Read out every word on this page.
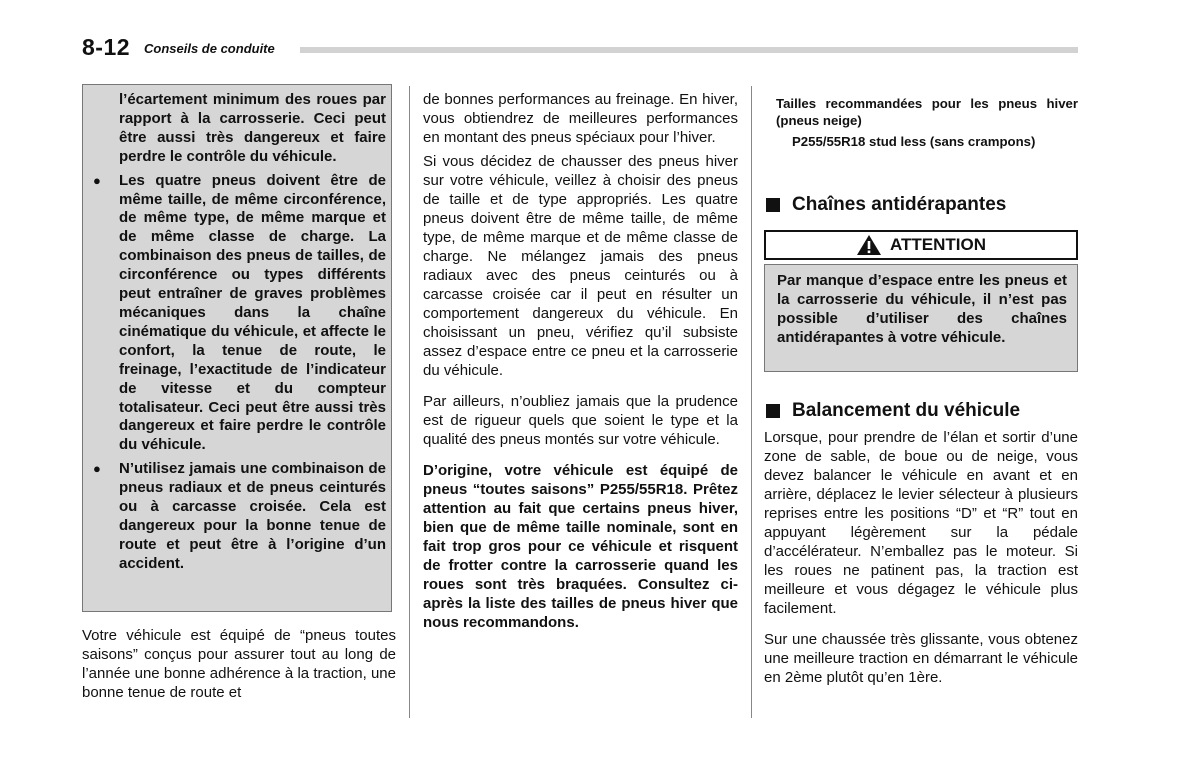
8-12 Conseils de conduite

l’écartement minimum des roues par rapport à la carrosserie. Ceci peut être aussi très dangereux et faire perdre le contrôle du véhicule.

● Les quatre pneus doivent être de même taille, de même circonférence, de même type, de même marque et de même classe de charge. La combinaison des pneus de tailles, de circonférence ou types différents peut entraîner de graves problèmes mécaniques dans la chaîne cinématique du véhicule, et affecte le confort, la tenue de route, le freinage, l’exactitude de l’indicateur de vitesse et du compteur totalisateur. Ceci peut être aussi très dangereux et faire perdre le contrôle du véhicule.

● N’utilisez jamais une combinaison de pneus radiaux et de pneus ceinturés ou à carcasse croisée. Cela est dangereux pour la bonne tenue de route et peut être à l’origine d’un accident.

Votre véhicule est équipé de “pneus toutes saisons” conçus pour assurer tout au long de l’année une bonne adhérence à la traction, une bonne tenue de route et

de bonnes performances au freinage. En hiver, vous obtiendrez de meilleures performances en montant des pneus spéciaux pour l’hiver.

Si vous décidez de chausser des pneus hiver sur votre véhicule, veillez à choisir des pneus de taille et de type appropriés. Les quatre pneus doivent être de même taille, de même type, de même marque et de même classe de charge. Ne mélangez jamais des pneus radiaux avec des pneus ceinturés ou à carcasse croisée car il peut en résulter un comportement dangereux du véhicule. En choisissant un pneu, vérifiez qu’il subsiste assez d’espace entre ce pneu et la carrosserie du véhicule.

Par ailleurs, n’oubliez jamais que la prudence est de rigueur quels que soient le type et la qualité des pneus montés sur votre véhicule.

D’origine, votre véhicule est équipé de pneus “toutes saisons” P255/55R18. Prêtez attention au fait que certains pneus hiver, bien que de même taille nominale, sont en fait trop gros pour ce véhicule et risquent de frotter contre la carrosserie quand les roues sont très braquées. Consultez ci-après la liste des tailles de pneus hiver que nous recommandons.

Tailles recommandées pour les pneus hiver (pneus neige)
P255/55R18 stud less (sans crampons)
Chaînes antidérapantes
ATTENTION

Par manque d’espace entre les pneus et la carrosserie du véhicule, il n’est pas possible d’utiliser des chaînes antidérapantes à votre véhicule.

Balancement du véhicule

Lorsque, pour prendre de l’élan et sortir d’une zone de sable, de boue ou de neige, vous devez balancer le véhicule en avant et en arrière, déplacez le levier sélecteur à plusieurs reprises entre les positions “D” et “R” tout en appuyant légèrement sur la pédale d’accélérateur. N’emballez pas le moteur. Si les roues ne patinent pas, la traction est meilleure et vous dégagez le véhicule plus facilement.

Sur une chaussée très glissante, vous obtenez une meilleure traction en démarrant le véhicule en 2ème plutôt qu’en 1ère.
